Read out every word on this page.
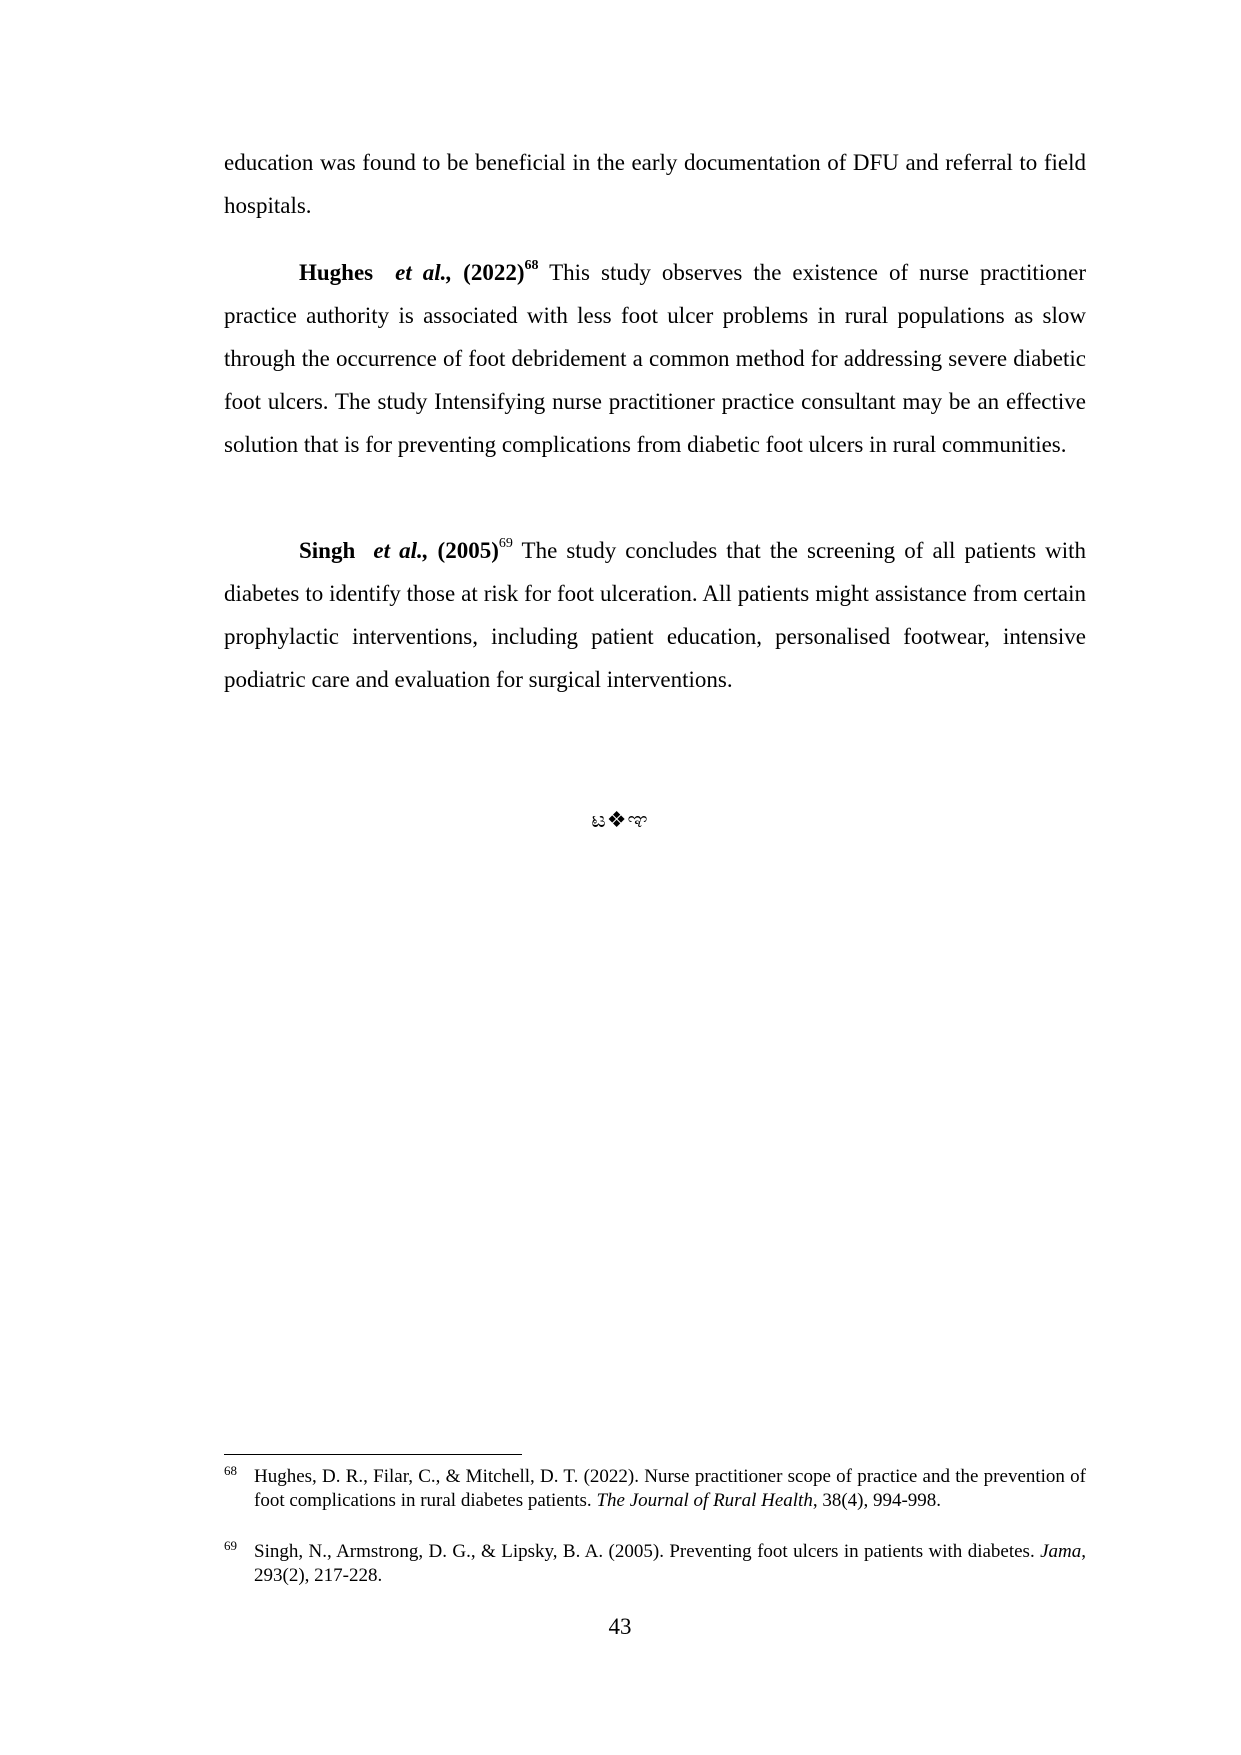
education was found to be beneficial in the early documentation of DFU and referral to field hospitals.

Hughes et al., $(2022)^{68}$ This study observes the existence of nurse practitioner practice authority is associated with less foot ulcer problems in rural populations as slow through the occurrence of foot debridement a common method for addressing severe diabetic foot ulcers. The study Intensifying nurse practitioner practice consultant may be an effective solution that is for preventing complications from diabetic foot ulcers in rural communities.

Singh et al., $(2005)^{69}$ The study concludes that the screening of all patients with diabetes to identify those at risk for foot ulceration. All patients might assistance from certain prophylactic interventions, including patient education, personalised footwear, intensive podiatric care and evaluation for surgical interventions.

ಟ❖ಞ
68 Hughes, D. R., Filar, C., & Mitchell, D. T. (2022). Nurse practitioner scope of practice and the prevention of foot complications in rural diabetes patients. The Journal of Rural Health, 38(4), 994-998.
69 Singh, N., Armstrong, D. G., & Lipsky, B. A. (2005). Preventing foot ulcers in patients with diabetes. Jama, 293(2), 217-228.
43
